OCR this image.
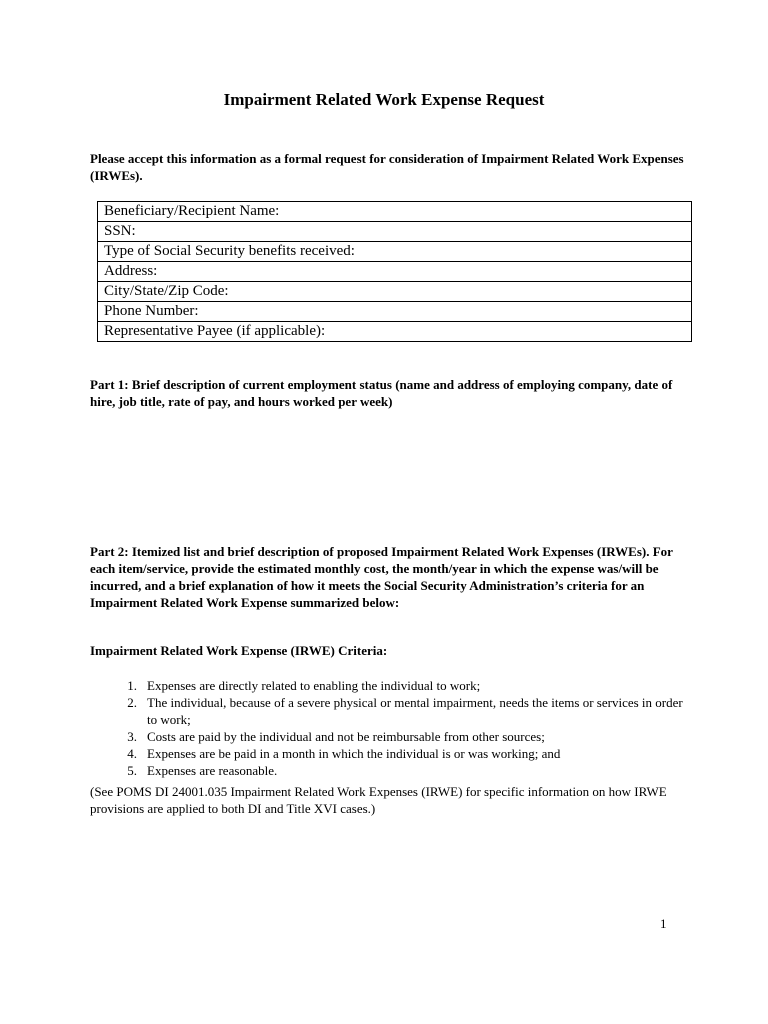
Impairment Related Work Expense Request

Please accept this information as a formal request for consideration of Impairment Related Work Expenses (IRWEs).

Beneficiary/Recipient Name:
SSN:
Type of Social Security benefits received:
Address:
City/State/Zip Code:
Phone Number:
Representative Payee (if applicable):

Part 1: Brief description of current employment status (name and address of employing company, date of hire, job title, rate of pay, and hours worked per week)

Part 2: Itemized list and brief description of proposed Impairment Related Work Expenses (IRWEs). For each item/service, provide the estimated monthly cost, the month/year in which the expense was/will be incurred, and a brief explanation of how it meets the Social Security Administration’s criteria for an Impairment Related Work Expense summarized below:

Impairment Related Work Expense (IRWE) Criteria:

1 .	Expenses are directly related to enabling the individual to work;
2 .	The individual, because of a severe physical or mental impairment, needs the items or services in order to work;
3 .	Costs are paid by the individual and not be reimbursable from other sources;
4 .	Expenses are be paid in a month in which the individual is or was working; and
5 .	Expenses are reasonable.

(See POMS DI 24001.035 Impairment Related Work Expenses (IRWE) for specific information on how IRWE provisions are applied to both DI and Title XVI cases.)

1
